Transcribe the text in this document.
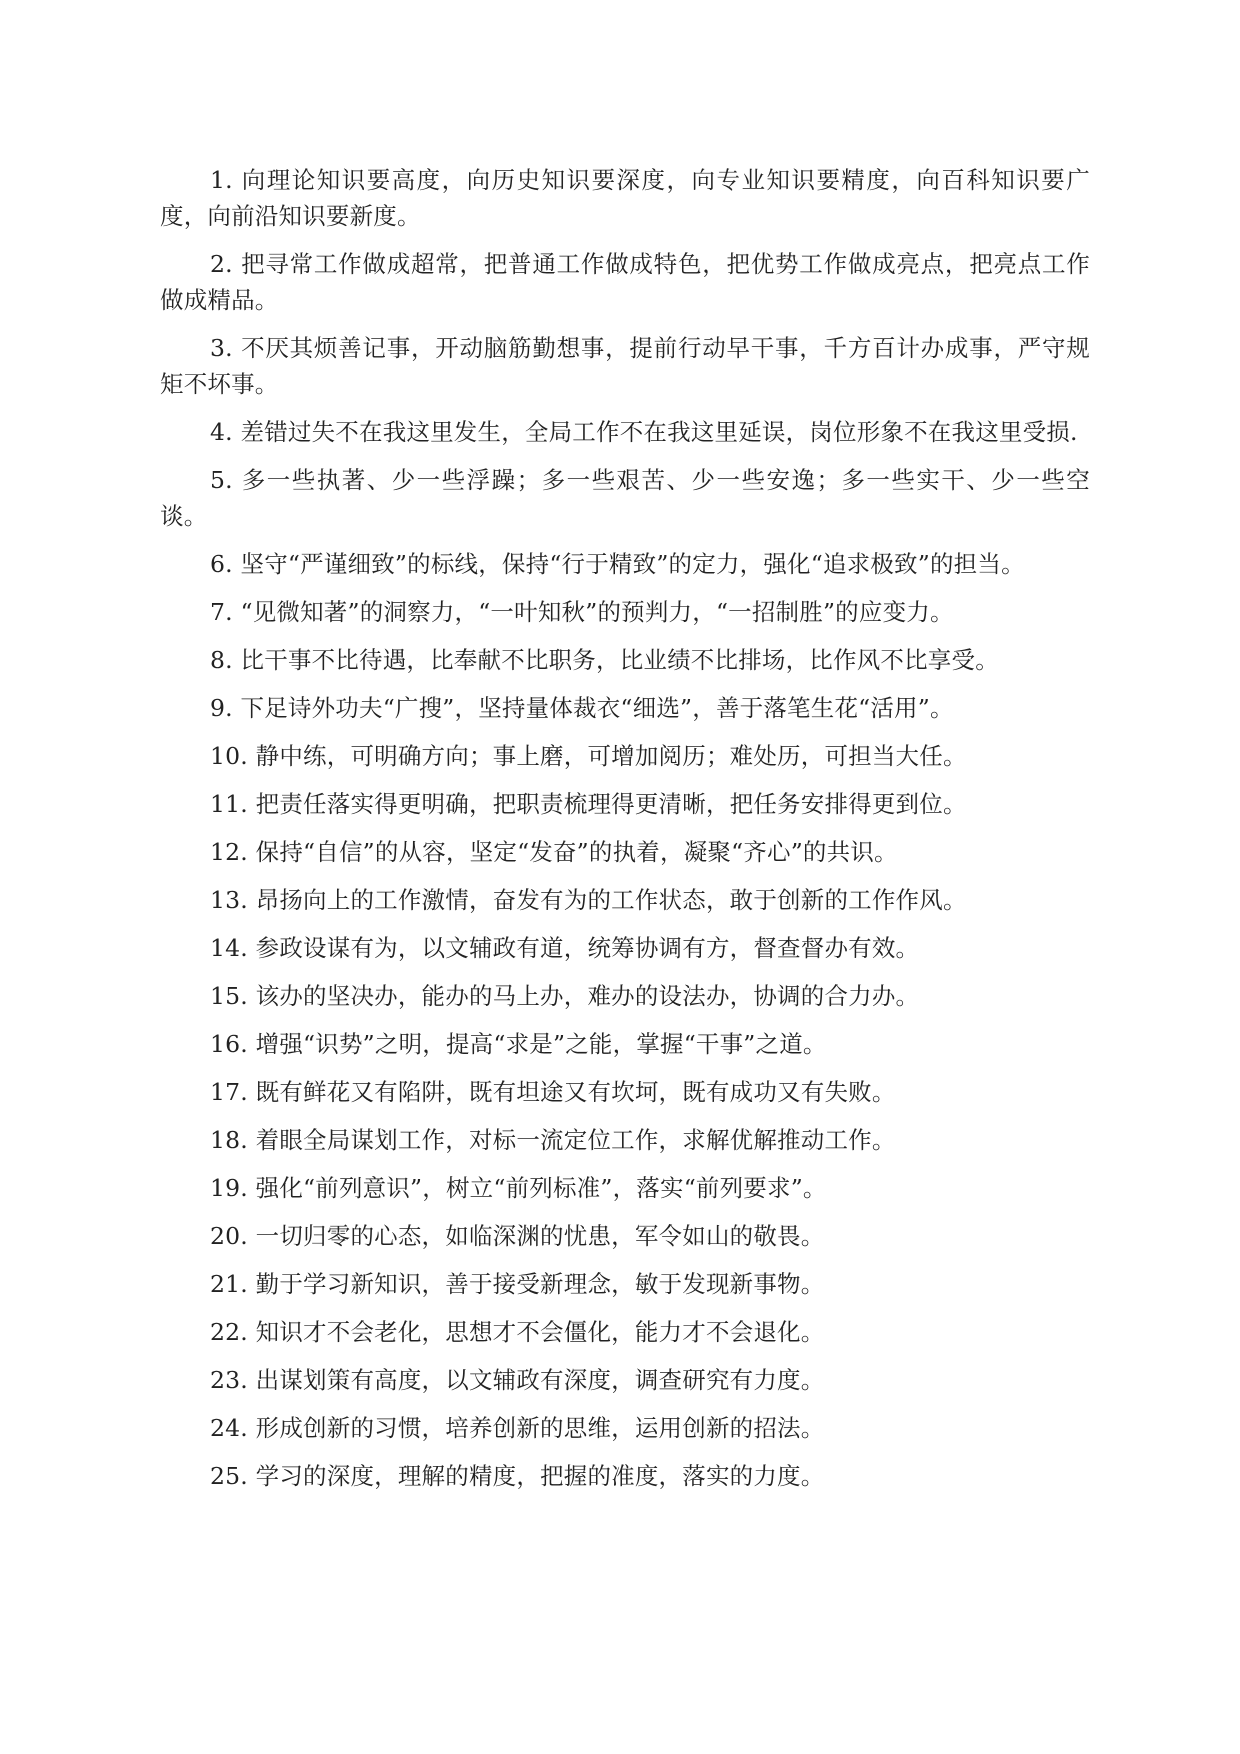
1. 向理论知识要高度，向历史知识要深度，向专业知识要精度，向百科知识要广度，向前沿知识要新度。

2. 把寻常工作做成超常，把普通工作做成特色，把优势工作做成亮点，把亮点工作做成精品。

3. 不厌其烦善记事，开动脑筋勤想事，提前行动早干事，千方百计办成事，严守规矩不坏事。

4. 差错过失不在我这里发生，全局工作不在我这里延误，岗位形象不在我这里受损.

5. 多一些执著、少一些浮躁；多一些艰苦、少一些安逸；多一些实干、少一些空谈。

6. 坚守“严谨细致”的标线，保持“行于精致”的定力，强化“追求极致”的担当。

7. “见微知著”的洞察力，“一叶知秋”的预判力，“一招制胜”的应变力。

8. 比干事不比待遇，比奉献不比职务，比业绩不比排场，比作风不比享受。

9. 下足诗外功夫“广搜”，坚持量体裁衣“细选”，善于落笔生花“活用”。

10. 静中练，可明确方向；事上磨，可增加阅历；难处历，可担当大任。

11. 把责任落实得更明确，把职责梳理得更清晰，把任务安排得更到位。

12. 保持“自信”的从容，坚定“发奋”的执着，凝聚“齐心”的共识。

13. 昂扬向上的工作激情，奋发有为的工作状态，敢于创新的工作作风。

14. 参政设谋有为，以文辅政有道，统筹协调有方，督查督办有效。

15. 该办的坚决办，能办的马上办，难办的设法办，协调的合力办。

16. 增强“识势”之明，提高“求是”之能，掌握“干事”之道。

17. 既有鲜花又有陷阱，既有坦途又有坎坷，既有成功又有失败。

18. 着眼全局谋划工作，对标一流定位工作，求解优解推动工作。

19. 强化“前列意识”，树立“前列标准”，落实“前列要求”。

20. 一切归零的心态，如临深渊的忧患，军令如山的敬畏。

21. 勤于学习新知识，善于接受新理念，敏于发现新事物。

22. 知识才不会老化，思想才不会僵化，能力才不会退化。

23. 出谋划策有高度，以文辅政有深度，调查研究有力度。

24. 形成创新的习惯，培养创新的思维，运用创新的招法。

25. 学习的深度，理解的精度，把握的准度，落实的力度。
